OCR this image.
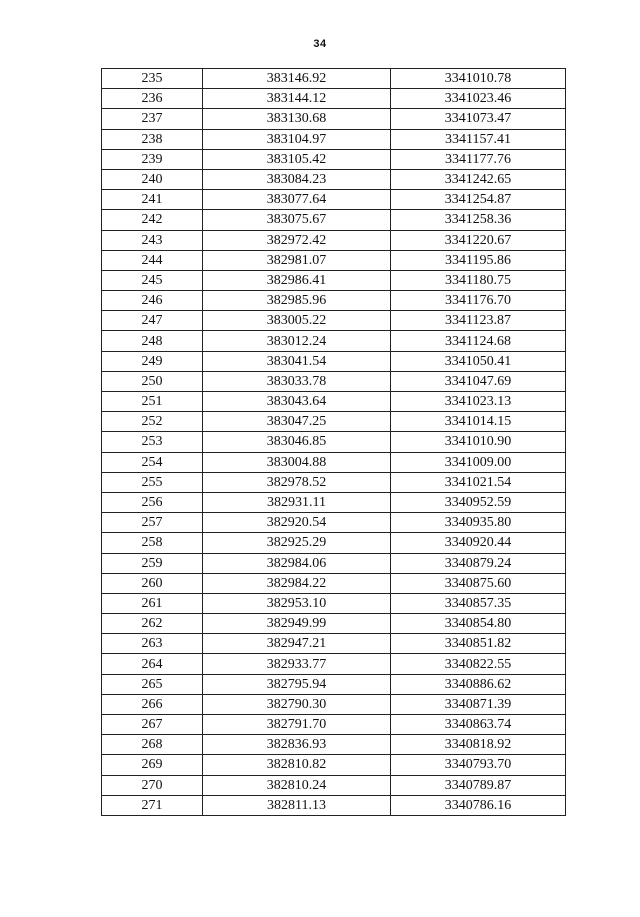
34
235	383146.92	3341010.78
236	383144.12	3341023.46
237	383130.68	3341073.47
238	383104.97	3341157.41
239	383105.42	3341177.76
240	383084.23	3341242.65
241	383077.64	3341254.87
242	383075.67	3341258.36
243	382972.42	3341220.67
244	382981.07	3341195.86
245	382986.41	3341180.75
246	382985.96	3341176.70
247	383005.22	3341123.87
248	383012.24	3341124.68
249	383041.54	3341050.41
250	383033.78	3341047.69
251	383043.64	3341023.13
252	383047.25	3341014.15
253	383046.85	3341010.90
254	383004.88	3341009.00
255	382978.52	3341021.54
256	382931.11	3340952.59
257	382920.54	3340935.80
258	382925.29	3340920.44
259	382984.06	3340879.24
260	382984.22	3340875.60
261	382953.10	3340857.35
262	382949.99	3340854.80
263	382947.21	3340851.82
264	382933.77	3340822.55
265	382795.94	3340886.62
266	382790.30	3340871.39
267	382791.70	3340863.74
268	382836.93	3340818.92
269	382810.82	3340793.70
270	382810.24	3340789.87
271	382811.13	3340786.16
